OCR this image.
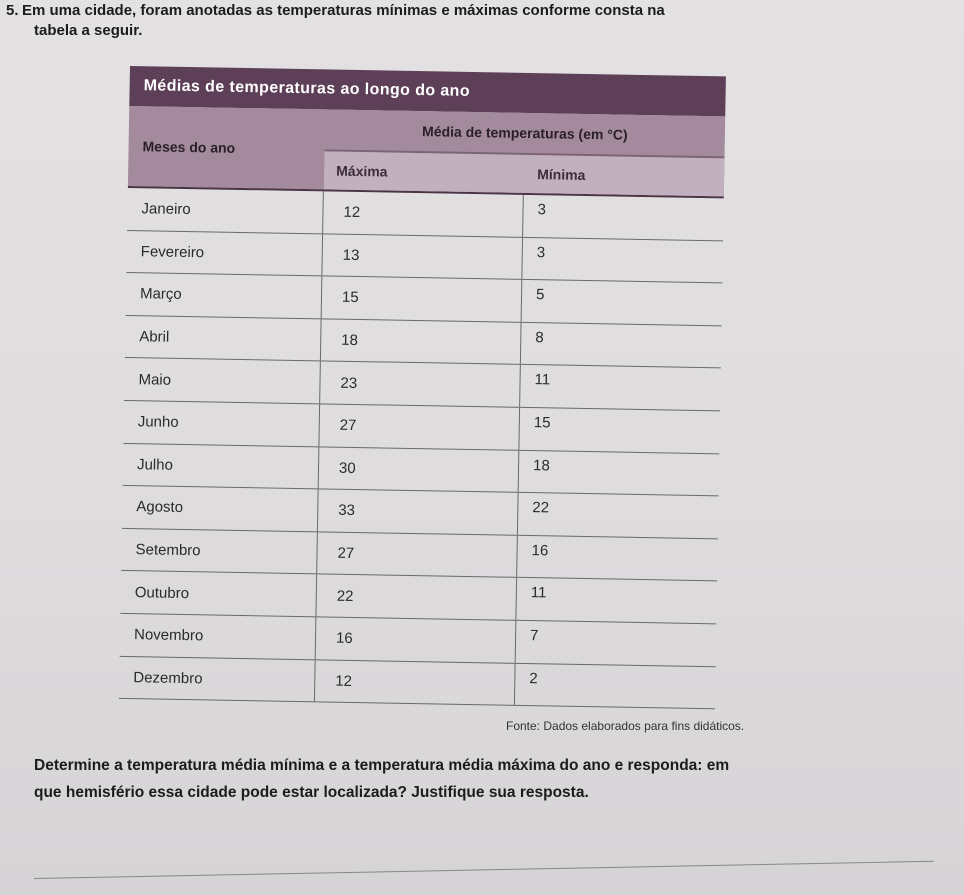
5. Em uma cidade, foram anotadas as temperaturas mínimas e máximas conforme consta na
tabela a seguir.
Médias de temperaturas ao longo do ano
Meses do ano
Média de temperaturas (em °C)
Máxima	Mínima
Janeiro	12	3
Fevereiro	13	3
Março	15	5
Abril	18	8
Maio	23	11
Junho	27	15
Julho	30	18
Agosto	33	22
Setembro	27	16
Outubro	22	11
Novembro	16	7
Dezembro	12	2
Fonte: Dados elaborados para fins didáticos.
Determine a temperatura média mínima e a temperatura média máxima do ano e responda: em
que hemisfério essa cidade pode estar localizada? Justifique sua resposta.
